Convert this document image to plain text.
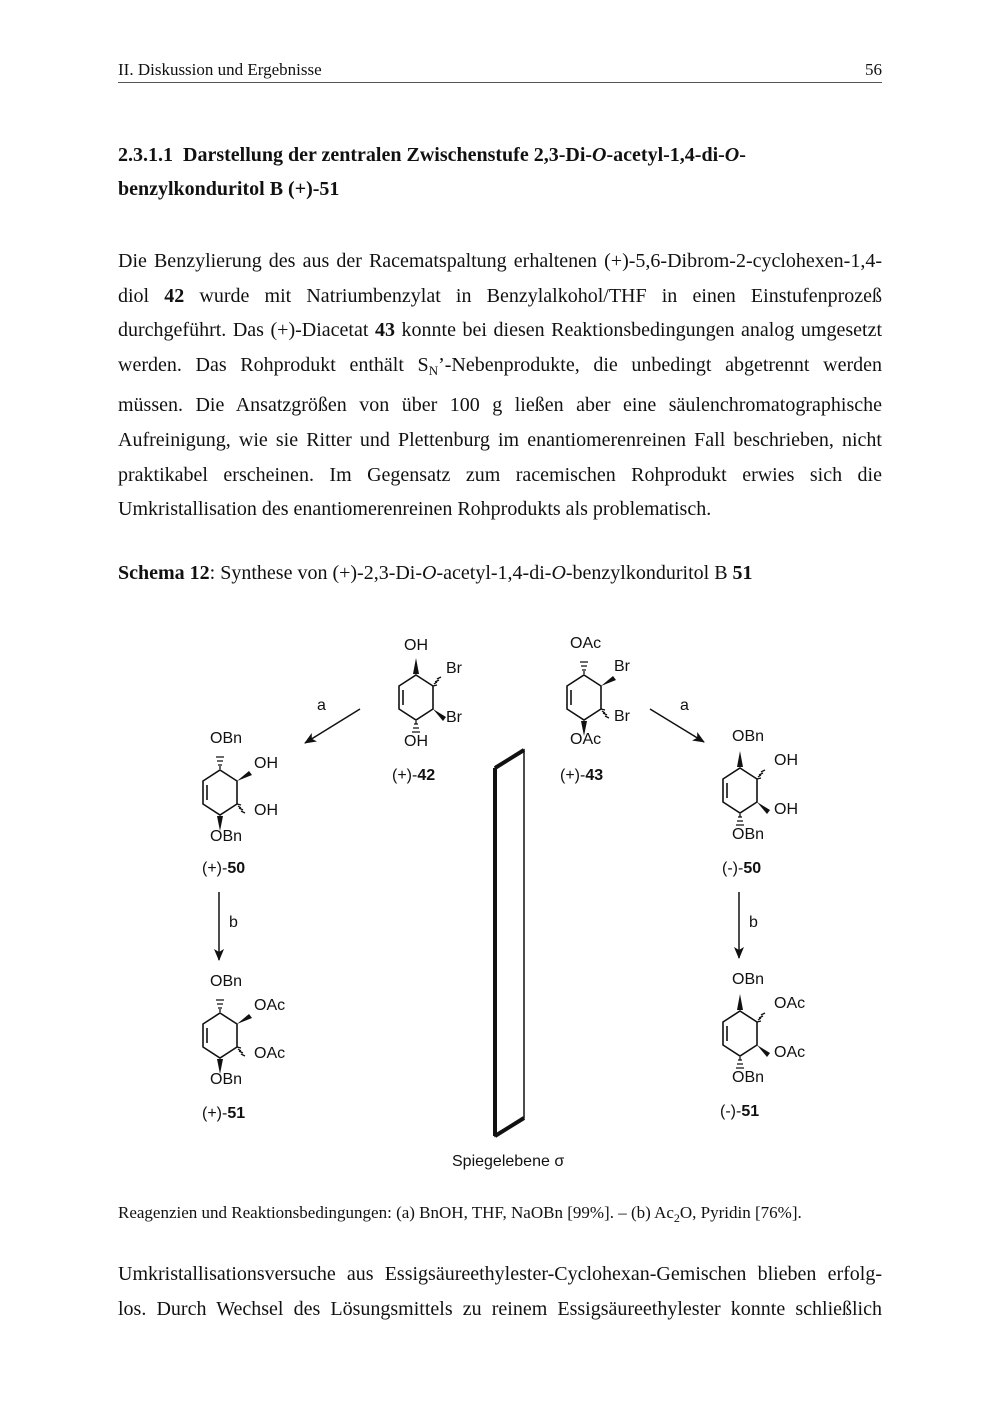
II. Diskussion und Ergebnisse	56
2.3.1.1 Darstellung der zentralen Zwischenstufe 2,3-Di-O-acetyl-1,4-di-O-
benzylkonduritol B (+)-51
Die Benzylierung des aus der Racematspaltung erhaltenen (+)-5,6-Dibrom-2-cyclohexen-1,4-
diol 42 wurde mit Natriumbenzylat in Benzylalkohol/THF in einen Einstufenprozeß
durchgeführt. Das (+)-Diacetat 43 konnte bei diesen Reaktionsbedingungen analog umgesetzt
werden. Das Rohprodukt enthält $S_N$’-Nebenprodukte, die unbedingt abgetrennt werden
müssen. Die Ansatzgrößen von über 100 g ließen aber eine säulenchromatographische
Aufreinigung, wie sie Ritter und Plettenburg im enantiomerenreinen Fall beschrieben, nicht
praktikabel erscheinen. Im Gegensatz zum racemischen Rohprodukt erwies sich die
Umkristallisation des enantiomerenreinen Rohprodukts als problematisch.
Schema 12: Synthese von (+)-2,3-Di-O-acetyl-1,4-di-O-benzylkonduritol B 51
OH
Br
Br
OH
(+)-42
OAc
Br
Br
OAc
(+)-43
OBn
OH
OH
OBn
(+)-50
OBn
OH
OH
OBn
(-)-50
OBn
OAc
OAc
OBn
(+)-51
OBn
OAc
OAc
OBn
(-)-51
a	a
b	b
Spiegelebene σ
Reagenzien und Reaktionsbedingungen: (a) BnOH, THF, NaOBn [99%]. – (b) $Ac_2O$, Pyridin [76%].
Umkristallisationsversuche aus Essigsäureethylester-Cyclohexan-Gemischen blieben erfolg-
los. Durch Wechsel des Lösungsmittels zu reinem Essigsäureethylester konnte schließlich
